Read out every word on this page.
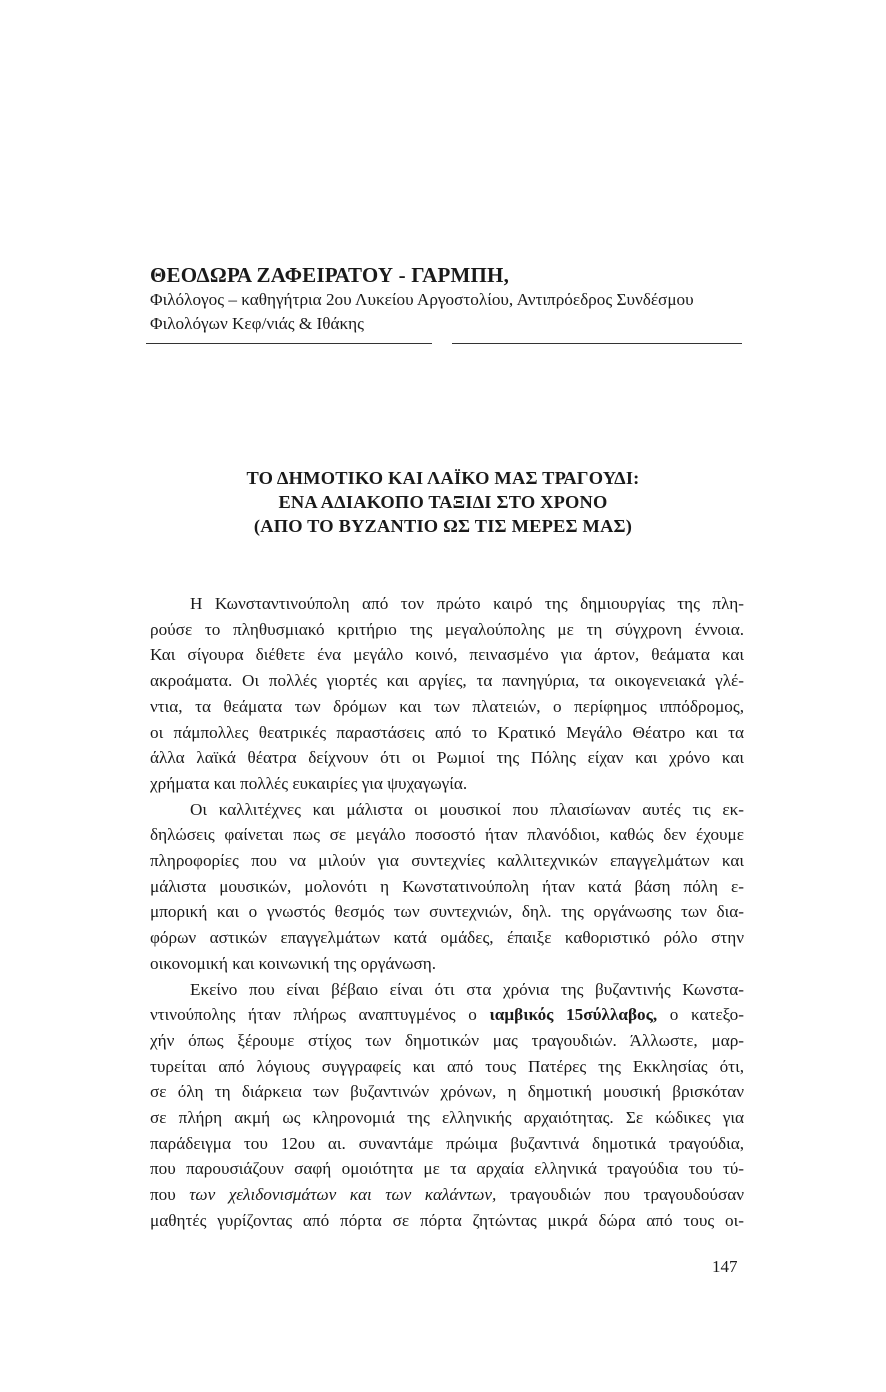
ΘΕΟΔΩΡΑ ΖΑΦΕΙΡΑΤΟΥ - ΓΑΡΜΠΗ,

Φιλόλογος – καθηγήτρια 2ου Λυκείου Αργοστολίου, Αντιπρόεδρος Συνδέσμου

Φιλολόγων Κεφ/νιάς & Ιθάκης

ΤΟ ΔΗΜΟΤΙΚΟ ΚΑΙ ΛΑΪΚΟ ΜΑΣ ΤΡΑΓΟΥΔΙ:

ΕΝΑ ΑΔΙΑΚΟΠΟ ΤΑΞΙΔΙ ΣΤΟ ΧΡΟΝΟ

(ΑΠΟ ΤΟ ΒΥΖΑΝΤΙΟ ΩΣ ΤΙΣ ΜΕΡΕΣ ΜΑΣ)

Η Κωνσταντινούπολη από τον πρώτο καιρό της δημιουργίας της πλη-
ρούσε το πληθυσμιακό κριτήριο της μεγαλούπολης με τη σύγχρονη έννοια.
Και σίγουρα διέθετε ένα μεγάλο κοινό, πεινασμένο για άρτον, θεάματα και
ακροάματα. Οι πολλές γιορτές και αργίες, τα πανηγύρια, τα οικογενειακά γλέ-
ντια, τα θεάματα των δρόμων και των πλατειών, ο περίφημος ιππόδρομος,
οι πάμπολλες θεατρικές παραστάσεις από το Κρατικό Μεγάλο Θέατρο και τα
άλλα λαϊκά θέατρα δείχνουν ότι οι Ρωμιοί της Πόλης είχαν και χρόνο και
χρήματα και πολλές ευκαιρίες για ψυχαγωγία.

Οι καλλιτέχνες και μάλιστα οι μουσικοί που πλαισίωναν αυτές τις εκ-
δηλώσεις φαίνεται πως σε μεγάλο ποσοστό ήταν πλανόδιοι, καθώς δεν έχουμε
πληροφορίες που να μιλούν για συντεχνίες καλλιτεχνικών επαγγελμάτων και
μάλιστα μουσικών, μολονότι η Κωνστατινούπολη ήταν κατά βάση πόλη ε-
μπορική και ο γνωστός θεσμός των συντεχνιών, δηλ. της οργάνωσης των δια-
φόρων αστικών επαγγελμάτων κατά ομάδες, έπαιξε καθοριστικό ρόλο στην
οικονομική και κοινωνική της οργάνωση.

Εκείνο που είναι βέβαιο είναι ότι στα χρόνια της βυζαντινής Κωνστα-
ντινούπολης ήταν πλήρως αναπτυγμένος ο ιαμβικός 15σύλλαβος, ο κατεξο-
χήν όπως ξέρουμε στίχος των δημοτικών μας τραγουδιών. Άλλωστε, μαρ-
τυρείται από λόγιους συγγραφείς και από τους Πατέρες της Εκκλησίας ότι,
σε όλη τη διάρκεια των βυζαντινών χρόνων, η δημοτική μουσική βρισκόταν
σε πλήρη ακμή ως κληρονομιά της ελληνικής αρχαιότητας. Σε κώδικες για
παράδειγμα του 12ου αι. συναντάμε πρώιμα βυζαντινά δημοτικά τραγούδια,
που παρουσιάζουν σαφή ομοιότητα με τα αρχαία ελληνικά τραγούδια του τύ-
που των χελιδονισμάτων και των καλάντων, τραγουδιών που τραγουδούσαν
μαθητές γυρίζοντας από πόρτα σε πόρτα ζητώντας μικρά δώρα από τους οι-

147
